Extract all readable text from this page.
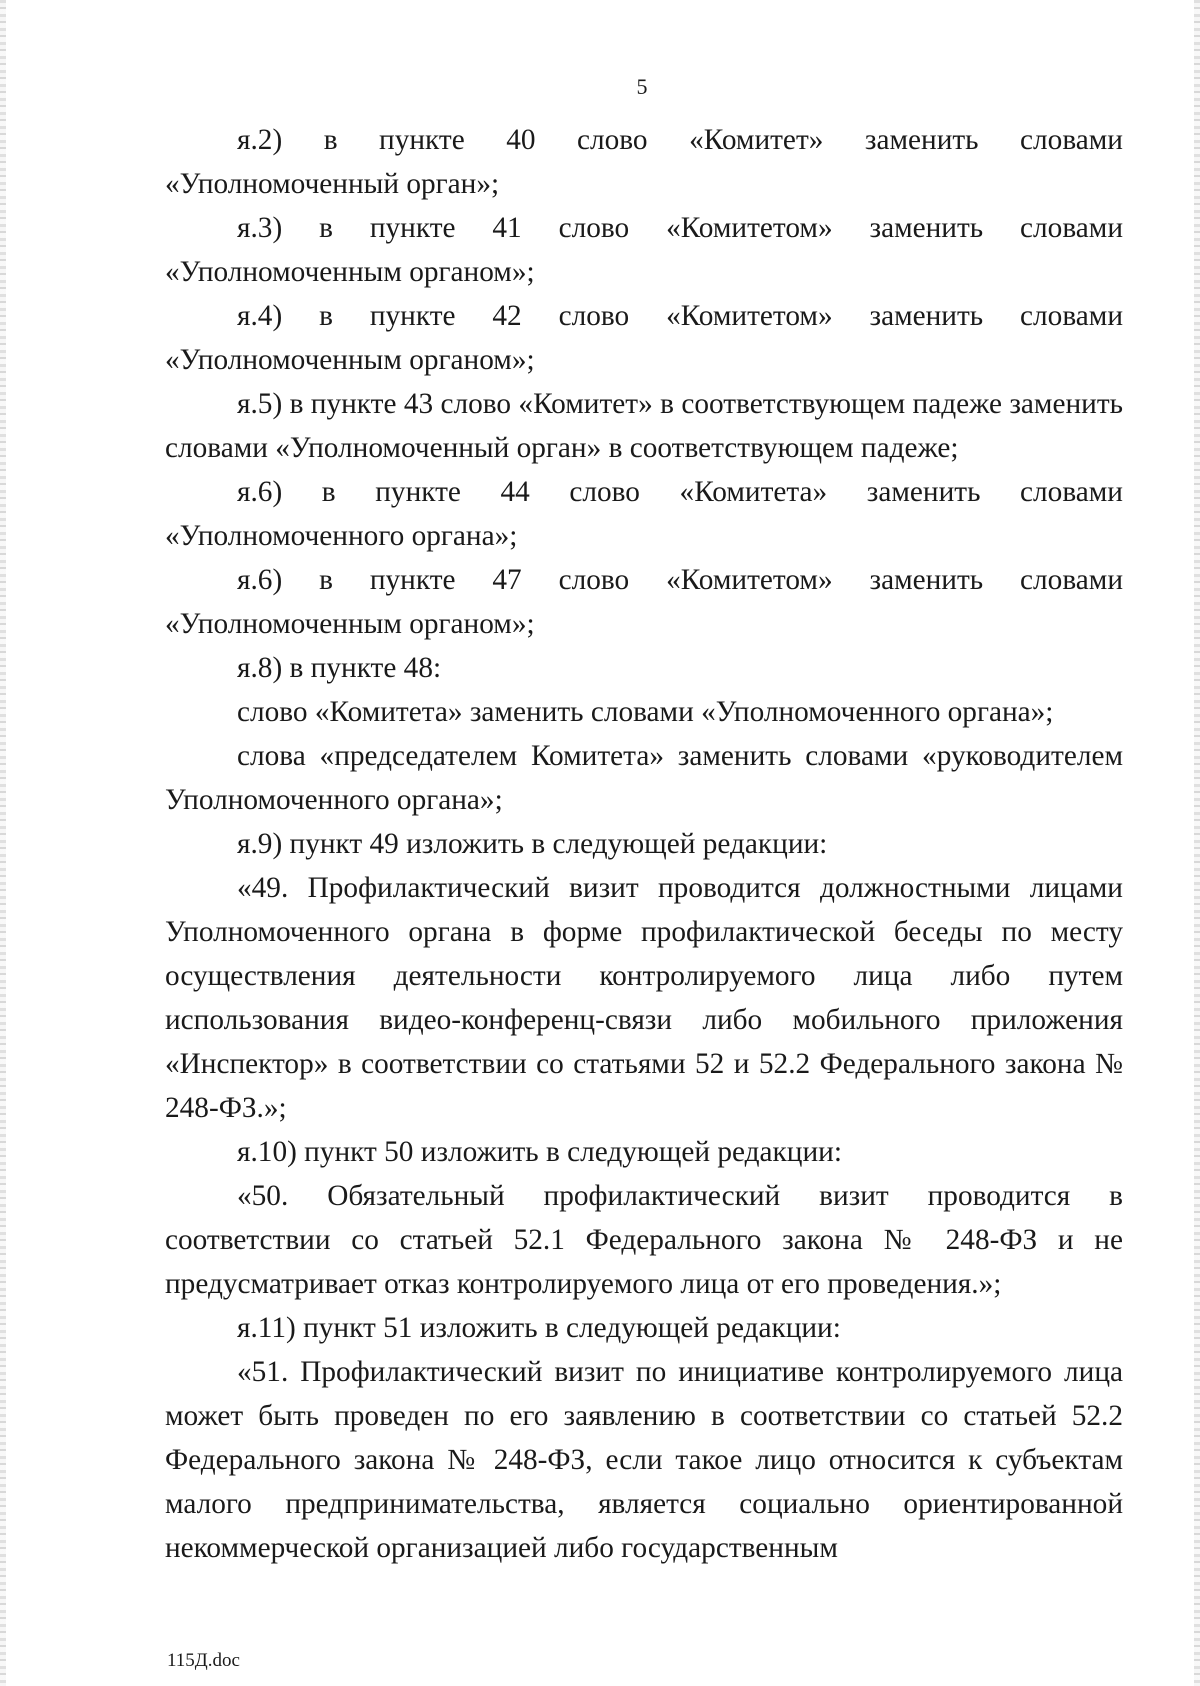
5

я.2) в пункте 40 слово «Комитет» заменить словами «Уполномоченный орган»;

я.3) в пункте 41 слово «Комитетом» заменить словами «Уполномоченным органом»;

я.4) в пункте 42 слово «Комитетом» заменить словами «Уполномоченным органом»;

я.5) в пункте 43 слово «Комитет» в соответствующем падеже заменить словами «Уполномоченный орган» в соответствующем падеже;

я.6) в пункте 44 слово «Комитета» заменить словами «Уполномоченного органа»;

я.6) в пункте 47 слово «Комитетом» заменить словами «Уполномоченным органом»;

я.8) в пункте 48:

слово «Комитета» заменить словами «Уполномоченного органа»;

слова «председателем Комитета» заменить словами «руководителем Уполномоченного органа»;

я.9) пункт 49 изложить в следующей редакции:

«49. Профилактический визит проводится должностными лицами Уполномоченного органа в форме профилактической беседы по месту осуществления деятельности контролируемого лица либо путем использования видео-конференц-связи либо мобильного приложения «Инспектор» в соответствии со статьями 52 и 52.2 Федерального закона № 248-ФЗ.»;

я.10) пункт 50 изложить в следующей редакции:

«50. Обязательный профилактический визит проводится в соответствии со статьей 52.1 Федерального закона № 248-ФЗ и не предусматривает отказ контролируемого лица от его проведения.»;

я.11) пункт 51 изложить в следующей редакции:

«51. Профилактический визит по инициативе контролируемого лица может быть проведен по его заявлению в соответствии со статьей 52.2 Федерального закона № 248-ФЗ, если такое лицо относится к субъектам малого предпринимательства, является социально ориентированной некоммерческой организацией либо государственным

115Д.doc
